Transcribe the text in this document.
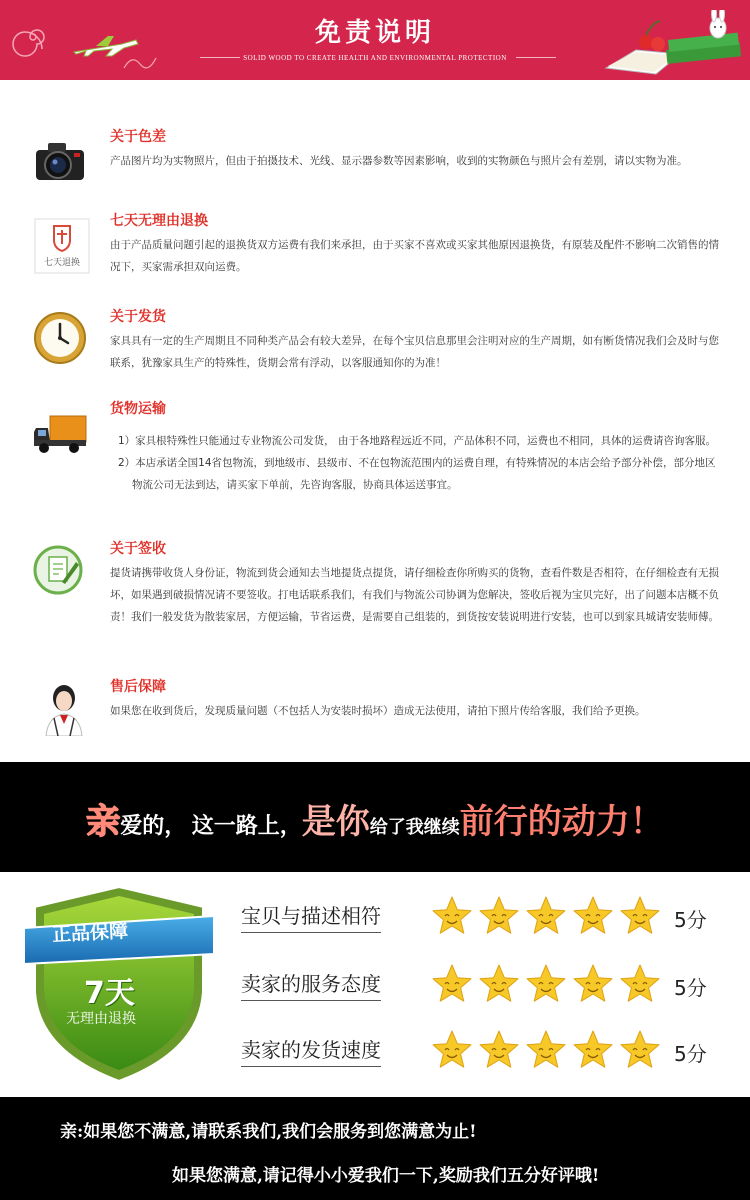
免责说明
SOLID WOOD TO CREATE HEALTH AND ENVIRONMENTAL PROTECTION
关于色差

产品图片均为实物照片，但由于拍摄技术、光线、显示器参数等因素影响，收到的实物颜色与照片会有差别，请以实物为准。

七天退换
七天无理由退换

由于产品质量问题引起的退换货双方运费有我们来承担，由于买家不喜欢或买家其他原因退换货，有原装及配件不影响二次销售的情况下，买家需承担双向运费。

关于发货

家具具有一定的生产周期且不同种类产品会有较大差异，在每个宝贝信息那里会注明对应的生产周期，如有断货情况我们会及时与您联系，犹豫家具生产的特殊性，货期会常有浮动，以客服通知你的为准！

货物运输

1）家具根特殊性只能通过专业物流公司发货， 由于各地路程远近不同，产品体积不同，运费也不相同，具体的运费请咨询客服。

2）本店承诺全国14省包物流，到地级市、县级市、不在包物流范围内的运费自理，有特殊情况的本店会给予部分补偿，部分地区物流公司无法到达，请买家下单前，先咨询客服，协商具体运送事宜。

关于签收

提货请携带收货人身份证，物流到货会通知去当地提货点提货，请仔细检查你所购买的货物，查看件数是否相符，在仔细检查有无损坏，如果遇到破损情况请不要签收。打电话联系我们，有我们与物流公司协调为您解决，签收后视为宝贝完好，出了问题本店概不负责！我们一般发货为散装家居，方便运输，节省运费，是需要自己组装的，到货按安装说明进行安装，也可以到家具城请安装师傅。

售后保障

如果您在收到货后，发现质量问题（不包括人为安装时损坏）造成无法使用，请拍下照片传给客服，我们给予更换。

亲爱的， 这一路上，是你给了我继续前行的动力！
正品保障
7天
无理由退换
宝贝与描述相符	5分
卖家的服务态度	5分
卖家的发货速度	5分
亲:如果您不满意,请联系我们,我们会服务到您满意为止!
如果您满意,请记得小小爱我们一下,奖励我们五分好评哦!
